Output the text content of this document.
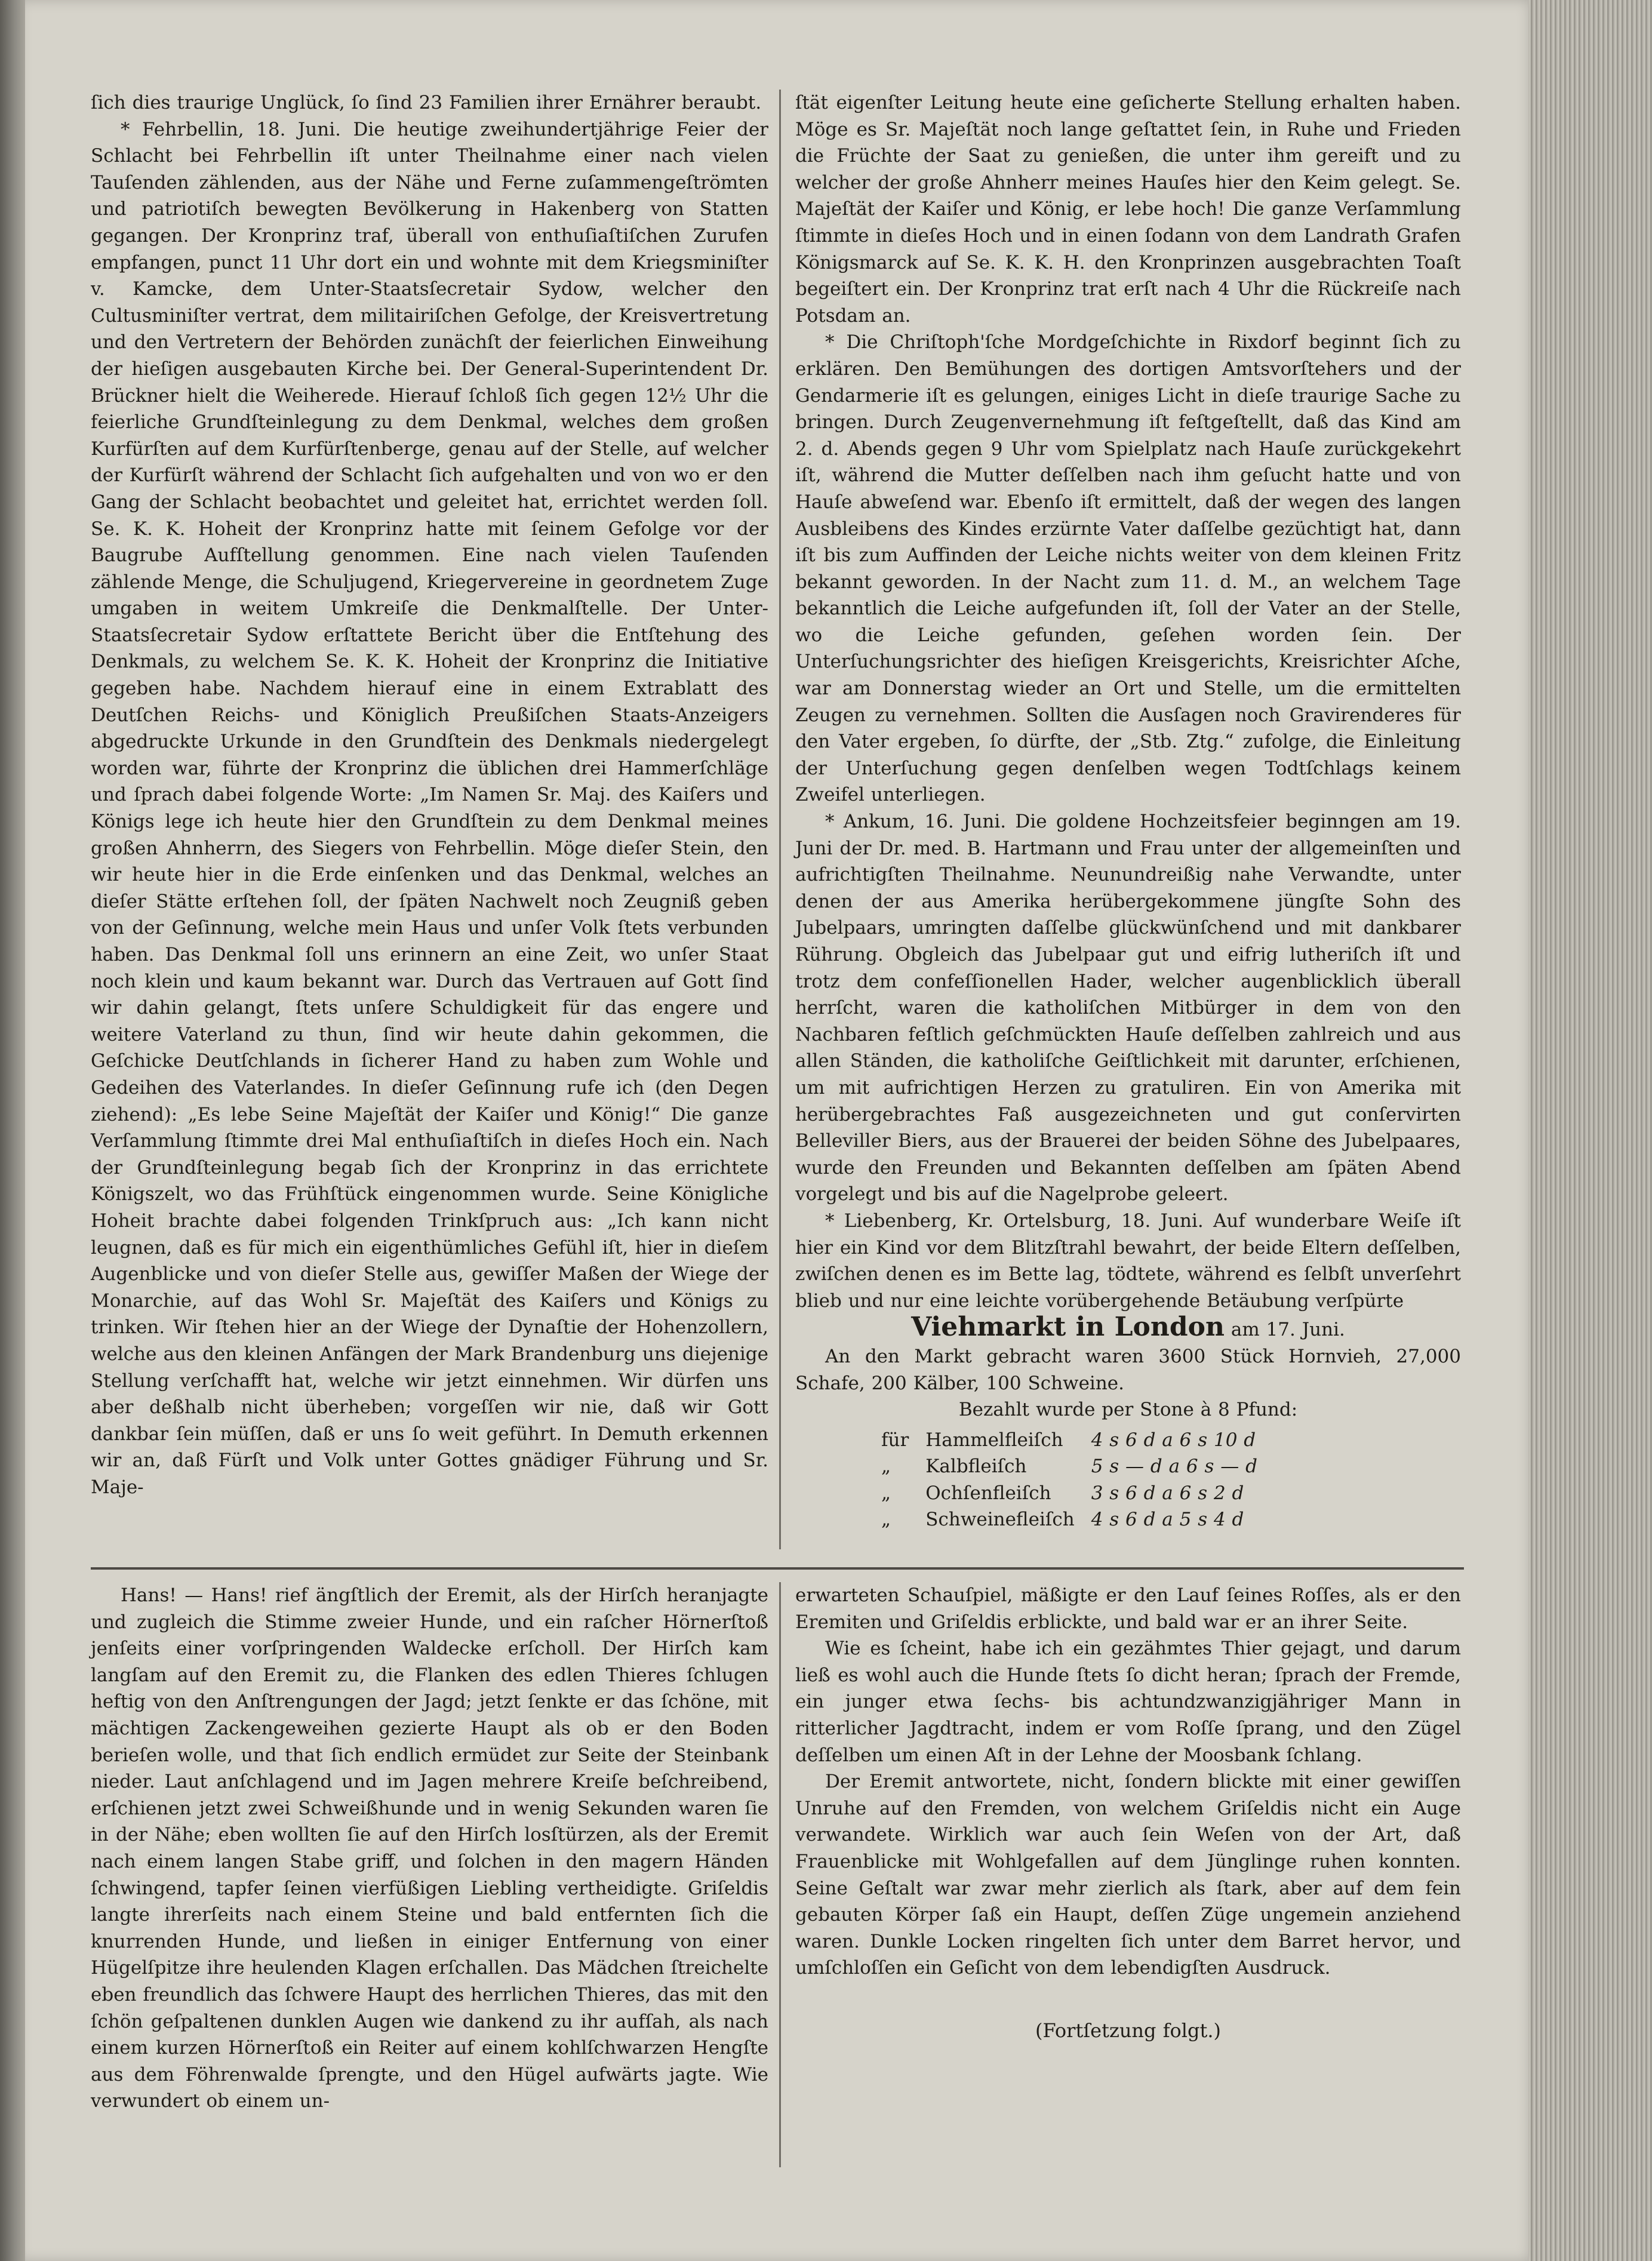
ſich dies traurige Unglück, ſo ſind 23 Familien ihrer Ernährer beraubt.

* Fehrbellin, 18. Juni. Die heutige zweihundertjährige Feier der Schlacht bei Fehrbellin iſt unter Theilnahme einer nach vielen Tauſenden zählenden, aus der Nähe und Ferne zuſammengeſtrömten und patriotiſch bewegten Bevölkerung in Hakenberg von Statten gegangen. Der Kronprinz traf, überall von enthuſiaſtiſchen Zurufen empfangen, punct 11 Uhr dort ein und wohnte mit dem Kriegsminiſter v. Kamcke, dem Unter-Staatsſecretair Sydow, welcher den Cultusminiſter vertrat, dem militairiſchen Gefolge, der Kreisvertretung und den Vertretern der Behörden zunächſt der feierlichen Einweihung der hieſigen ausgebauten Kirche bei. Der General-Superintendent Dr. Brückner hielt die Weiherede. Hierauf ſchloß ſich gegen 12½ Uhr die feierliche Grundſteinlegung zu dem Denkmal, welches dem großen Kurfürſten auf dem Kurfürſtenberge, genau auf der Stelle, auf welcher der Kurfürſt während der Schlacht ſich aufgehalten und von wo er den Gang der Schlacht beobachtet und geleitet hat, errichtet werden ſoll. Se. K. K. Hoheit der Kronprinz hatte mit ſeinem Gefolge vor der Baugrube Aufſtellung genommen. Eine nach vielen Tauſenden zählende Menge, die Schuljugend, Kriegervereine in geordnetem Zuge umgaben in weitem Umkreiſe die Denkmalſtelle. Der Unter-Staatsſecretair Sydow erſtattete Bericht über die Entſtehung des Denkmals, zu welchem Se. K. K. Hoheit der Kronprinz die Initiative gegeben habe. Nachdem hierauf eine in einem Extrablatt des Deutſchen Reichs- und Königlich Preußiſchen Staats-Anzeigers abgedruckte Urkunde in den Grundſtein des Denkmals niedergelegt worden war, führte der Kronprinz die üblichen drei Hammerſchläge und ſprach dabei folgende Worte: „Im Namen Sr. Maj. des Kaiſers und Königs lege ich heute hier den Grundſtein zu dem Denkmal meines großen Ahnherrn, des Siegers von Fehrbellin. Möge dieſer Stein, den wir heute hier in die Erde einſenken und das Denkmal, welches an dieſer Stätte erſtehen ſoll, der ſpäten Nachwelt noch Zeugniß geben von der Geſinnung, welche mein Haus und unſer Volk ſtets verbunden haben. Das Denkmal ſoll uns erinnern an eine Zeit, wo unſer Staat noch klein und kaum bekannt war. Durch das Vertrauen auf Gott ſind wir dahin gelangt, ſtets unſere Schuldigkeit für das engere und weitere Vaterland zu thun, ſind wir heute dahin gekommen, die Geſchicke Deutſchlands in ſicherer Hand zu haben zum Wohle und Gedeihen des Vaterlandes. In dieſer Geſinnung rufe ich (den Degen ziehend): „Es lebe Seine Majeſtät der Kaiſer und König!“ Die ganze Verſammlung ſtimmte drei Mal enthuſiaſtiſch in dieſes Hoch ein. Nach der Grundſteinlegung begab ſich der Kronprinz in das errichtete Königszelt, wo das Frühſtück eingenommen wurde. Seine Königliche Hoheit brachte dabei folgenden Trinkſpruch aus: „Ich kann nicht leugnen, daß es für mich ein eigenthümliches Gefühl iſt, hier in dieſem Augenblicke und von dieſer Stelle aus, gewiſſer Maßen der Wiege der Monarchie, auf das Wohl Sr. Majeſtät des Kaiſers und Königs zu trinken. Wir ſtehen hier an der Wiege der Dynaſtie der Hohenzollern, welche aus den kleinen Anfängen der Mark Brandenburg uns diejenige Stellung verſchafft hat, welche wir jetzt einnehmen. Wir dürfen uns aber deßhalb nicht überheben; vorgeſſen wir nie, daß wir Gott dankbar ſein müſſen, daß er uns ſo weit geführt. In Demuth erkennen wir an, daß Fürſt und Volk unter Gottes gnädiger Führung und Sr. Maje-

ſtät eigenſter Leitung heute eine geſicherte Stellung erhalten haben. Möge es Sr. Majeſtät noch lange geſtattet ſein, in Ruhe und Frieden die Früchte der Saat zu genießen, die unter ihm gereift und zu welcher der große Ahnherr meines Hauſes hier den Keim gelegt. Se. Majeſtät der Kaiſer und König, er lebe hoch! Die ganze Verſammlung ſtimmte in dieſes Hoch und in einen ſodann von dem Landrath Grafen Königsmarck auf Se. K. K. H. den Kronprinzen ausgebrachten Toaſt begeiſtert ein. Der Kronprinz trat erſt nach 4 Uhr die Rückreiſe nach Potsdam an.

* Die Chriſtoph'ſche Mordgeſchichte in Rixdorf beginnt ſich zu erklären. Den Bemühungen des dortigen Amtsvorſtehers und der Gendarmerie iſt es gelungen, einiges Licht in dieſe traurige Sache zu bringen. Durch Zeugenvernehmung iſt feſtgeſtellt, daß das Kind am 2. d. Abends gegen 9 Uhr vom Spielplatz nach Hauſe zurückgekehrt iſt, während die Mutter deſſelben nach ihm geſucht hatte und von Hauſe abweſend war. Ebenſo iſt ermittelt, daß der wegen des langen Ausbleibens des Kindes erzürnte Vater daſſelbe gezüchtigt hat, dann iſt bis zum Auffinden der Leiche nichts weiter von dem kleinen Fritz bekannt geworden. In der Nacht zum 11. d. M., an welchem Tage bekanntlich die Leiche aufgefunden iſt, ſoll der Vater an der Stelle, wo die Leiche gefunden, geſehen worden ſein. Der Unterſuchungsrichter des hieſigen Kreisgerichts, Kreisrichter Aſche, war am Donnerstag wieder an Ort und Stelle, um die ermittelten Zeugen zu vernehmen. Sollten die Ausſagen noch Gravirenderes für den Vater ergeben, ſo dürfte, der „Stb. Ztg.“ zufolge, die Einleitung der Unterſuchung gegen denſelben wegen Todtſchlags keinem Zweifel unterliegen.

* Ankum, 16. Juni. Die goldene Hochzeitsfeier beginngen am 19. Juni der Dr. med. B. Hartmann und Frau unter der allgemeinſten und aufrichtigſten Theilnahme. Neunundreißig nahe Verwandte, unter denen der aus Amerika herübergekommene jüngſte Sohn des Jubelpaars, umringten daſſelbe glückwünſchend und mit dankbarer Rührung. Obgleich das Jubelpaar gut und eifrig lutheriſch iſt und trotz dem confeſſionellen Hader, welcher augenblicklich überall herrſcht, waren die katholiſchen Mitbürger in dem von den Nachbaren feſtlich geſchmückten Hauſe deſſelben zahlreich und aus allen Ständen, die katholiſche Geiſtlichkeit mit darunter, erſchienen, um mit aufrichtigen Herzen zu gratuliren. Ein von Amerika mit herübergebrachtes Faß ausgezeichneten und gut conſervirten Belleviller Biers, aus der Brauerei der beiden Söhne des Jubelpaares, wurde den Freunden und Bekannten deſſelben am ſpäten Abend vorgelegt und bis auf die Nagelprobe geleert.

* Liebenberg, Kr. Ortelsburg, 18. Juni. Auf wunderbare Weiſe iſt hier ein Kind vor dem Blitzſtrahl bewahrt, der beide Eltern deſſelben, zwiſchen denen es im Bette lag, tödtete, während es ſelbſt unverſehrt blieb und nur eine leichte vorübergehende Betäubung verſpürte

Viehmarkt in London am 17. Juni.

An den Markt gebracht waren 3600 Stück Hornvieh, 27,000 Schafe, 200 Kälber, 100 Schweine.

Bezahlt wurde per Stone à 8 Pfund:
für	Hammelfleiſch	4 s 6 d a 6 s 10 d
„	Kalbfleiſch	5 s — d a 6 s — d
„	Ochſenfleiſch	3 s 6 d a 6 s 2 d
„	Schweinefleiſch	4 s 6 d a 5 s 4 d

Hans! — Hans! rief ängſtlich der Eremit, als der Hirſch heranjagte und zugleich die Stimme zweier Hunde, und ein raſcher Hörnerſtoß jenſeits einer vorſpringenden Waldecke erſcholl. Der Hirſch kam langſam auf den Eremit zu, die Flanken des edlen Thieres ſchlugen heftig von den Anſtrengungen der Jagd; jetzt ſenkte er das ſchöne, mit mächtigen Zackengeweihen gezierte Haupt als ob er den Boden berieſen wolle, und that ſich endlich ermüdet zur Seite der Steinbank nieder. Laut anſchlagend und im Jagen mehrere Kreiſe beſchreibend, erſchienen jetzt zwei Schweißhunde und in wenig Sekunden waren ſie in der Nähe; eben wollten ſie auf den Hirſch losſtürzen, als der Eremit nach einem langen Stabe griff, und ſolchen in den magern Händen ſchwingend, tapfer ſeinen vierfüßigen Liebling vertheidigte. Griſeldis langte ihrerſeits nach einem Steine und bald entfernten ſich die knurrenden Hunde, und ließen in einiger Entfernung von einer Hügelſpitze ihre heulenden Klagen erſchallen. Das Mädchen ſtreichelte eben freundlich das ſchwere Haupt des herrlichen Thieres, das mit den ſchön geſpaltenen dunklen Augen wie dankend zu ihr aufſah, als nach einem kurzen Hörnerſtoß ein Reiter auf einem kohlſchwarzen Hengſte aus dem Föhrenwalde ſprengte, und den Hügel aufwärts jagte. Wie verwundert ob einem un-

erwarteten Schauſpiel, mäßigte er den Lauf ſeines Roſſes, als er den Eremiten und Griſeldis erblickte, und bald war er an ihrer Seite.

Wie es ſcheint, habe ich ein gezähmtes Thier gejagt, und darum ließ es wohl auch die Hunde ſtets ſo dicht heran; ſprach der Fremde, ein junger etwa ſechs- bis achtundzwanzigjähriger Mann in ritterlicher Jagdtracht, indem er vom Roſſe ſprang, und den Zügel deſſelben um einen Aſt in der Lehne der Moosbank ſchlang.

Der Eremit antwortete, nicht, ſondern blickte mit einer gewiſſen Unruhe auf den Fremden, von welchem Griſeldis nicht ein Auge verwandete. Wirklich war auch ſein Weſen von der Art, daß Frauenblicke mit Wohlgefallen auf dem Jünglinge ruhen konnten. Seine Geſtalt war zwar mehr zierlich als ſtark, aber auf dem fein gebauten Körper ſaß ein Haupt, deſſen Züge ungemein anziehend waren. Dunkle Locken ringelten ſich unter dem Barret hervor, und umſchloſſen ein Geſicht von dem lebendigſten Ausdruck.

(Fortſetzung folgt.)
